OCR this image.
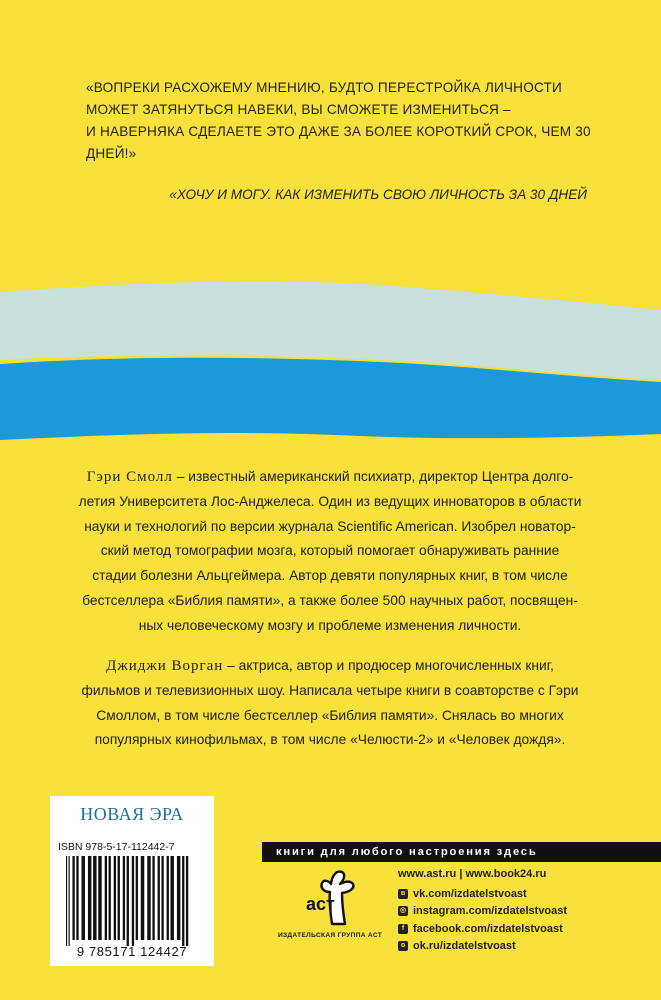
«ВОПРЕКИ РАСХОЖЕМУ МНЕНИЮ, БУДТО ПЕРЕСТРОЙКА ЛИЧНОСТИ
МОЖЕТ ЗАТЯНУТЬСЯ НАВЕКИ, ВЫ СМОЖЕТЕ ИЗМЕНИТЬСЯ –
И НАВЕРНЯКА СДЕЛАЕТЕ ЭТО ДАЖЕ ЗА БОЛЕЕ КОРОТКИЙ СРОК, ЧЕМ 30
ДНЕЙ!»
«ХОЧУ И МОГУ. КАК ИЗМЕНИТЬ СВОЮ ЛИЧНОСТЬ ЗА 30 ДНЕЙ
Гэри Смолл – известный американский психиатр, директор Центра долго-
летия Университета Лос-Анджелеса. Один из ведущих инноваторов в области
науки и технологий по версии журнала Scientific American. Изобрел новатор-
ский метод томографии мозга, который помогает обнаруживать ранние
стадии болезни Альцгеймера. Автор девяти популярных книг, в том числе
бестселлера «Библия памяти», а также более 500 научных работ, посвящен-
ных человеческому мозгу и проблеме изменения личности.
Джиджи Ворган – актриса, автор и продюсер многочисленных книг,
фильмов и телевизионных шоу. Написала четыре книги в соавторстве с Гэри
Смоллом, в том числе бестселлер «Библия памяти». Снялась во многих
популярных кинофильмах, в том числе «Челюсти-2» и «Человек дождя».
НОВАЯ ЭРА
ISBN 978-5-17-112442-7
9 785171 124427
книги для любого настроения здесь
аст
ИЗДАТЕЛЬСКАЯ ГРУППА АСТ
www.ast.ru | www.book24.ru
в vk.com/izdatelstvoast
◎ instagram.com/izdatelstvoast
f facebook.com/izdatelstvoast
о ok.ru/izdatelstvoast
